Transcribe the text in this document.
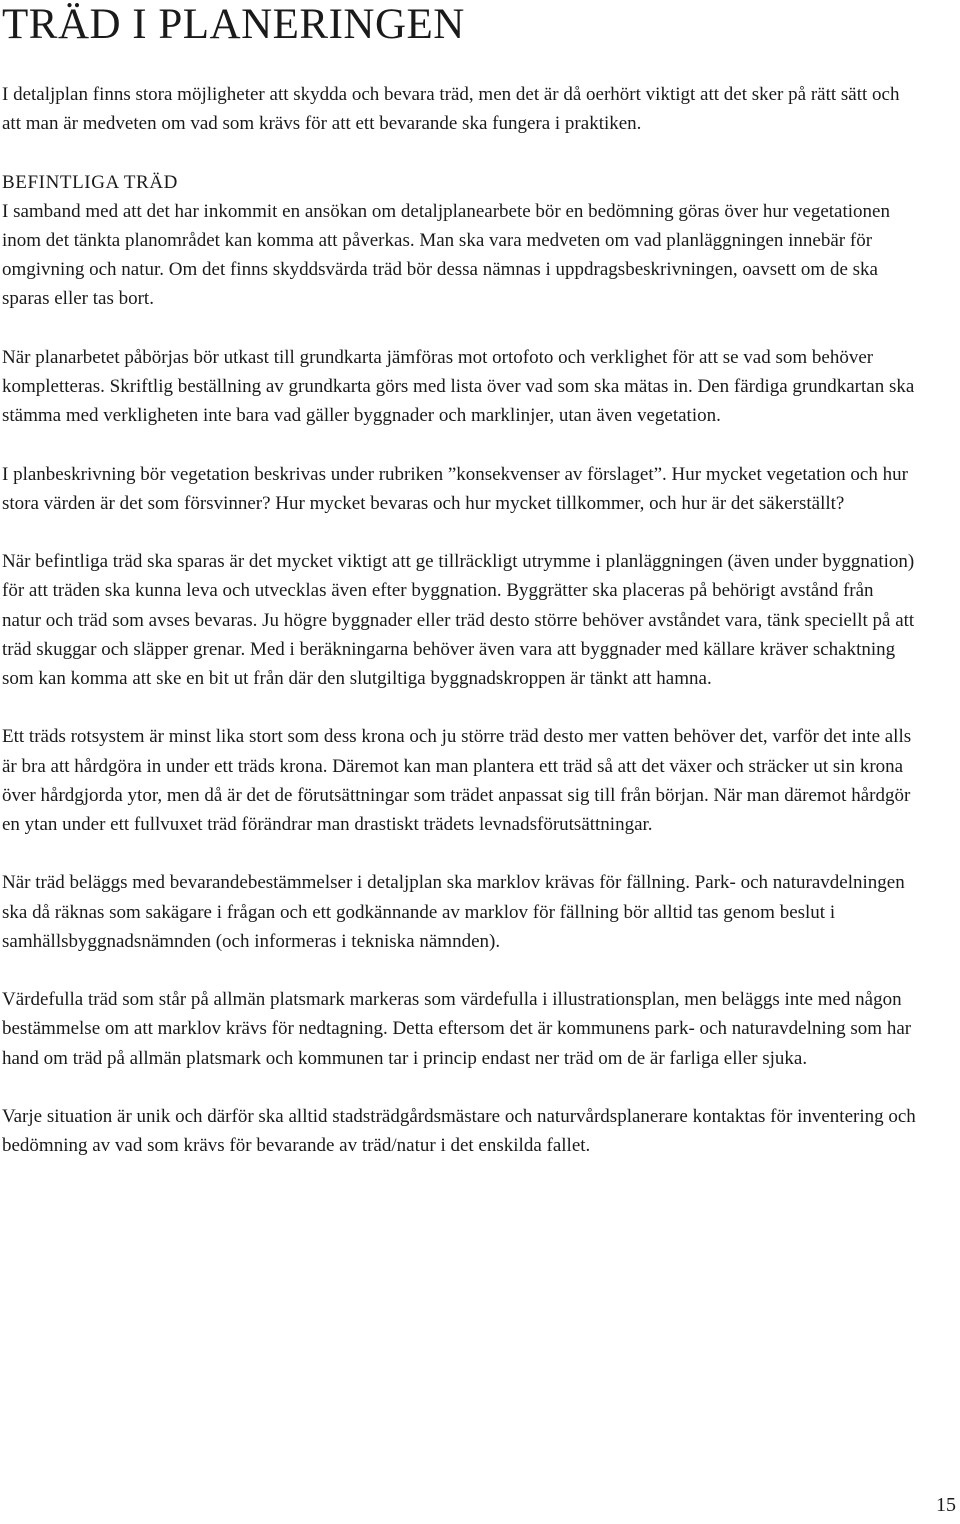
TRÄD I PLANERINGEN

I detaljplan finns stora möjligheter att skydda och bevara träd, men det är då oerhört viktigt att det sker på rätt sätt och att man är medveten om vad som krävs för att ett bevarande ska fungera i praktiken.

BEFINTLIGA TRÄD
I samband med att det har inkommit en ansökan om detaljplanearbete bör en bedömning göras över hur vegetationen inom det tänkta planområdet kan komma att påverkas. Man ska vara medveten om vad planläggningen innebär för omgivning och natur. Om det finns skyddsvärda träd bör dessa nämnas i uppdragsbeskrivningen, oavsett om de ska sparas eller tas bort.

När planarbetet påbörjas bör utkast till grundkarta jämföras mot ortofoto och verklighet för att se vad som behöver kompletteras. Skriftlig beställning av grundkarta görs med lista över vad som ska mätas in. Den färdiga grundkartan ska stämma med verkligheten inte bara vad gäller byggnader och marklinjer, utan även vegetation.

I planbeskrivning bör vegetation beskrivas under rubriken ”konsekvenser av förslaget”. Hur mycket vegetation och hur stora värden är det som försvinner? Hur mycket bevaras och hur mycket tillkommer, och hur är det säkerställt?

När befintliga träd ska sparas är det mycket viktigt att ge tillräckligt utrymme i planläggningen (även under byggnation) för att träden ska kunna leva och utvecklas även efter byggnation. Byggrätter ska placeras på behörigt avstånd från natur och träd som avses bevaras. Ju högre byggnader eller träd desto större behöver avståndet vara, tänk speciellt på att träd skuggar och släpper grenar. Med i beräkningarna behöver även vara att byggnader med källare kräver schaktning som kan komma att ske en bit ut från där den slutgiltiga byggnadskroppen är tänkt att hamna.

Ett träds rotsystem är minst lika stort som dess krona och ju större träd desto mer vatten behöver det, varför det inte alls är bra att hårdgöra in under ett träds krona. Däremot kan man plantera ett träd så att det växer och sträcker ut sin krona över hårdgjorda ytor, men då är det de förutsättningar som trädet anpassat sig till från början. När man däremot hårdgör en ytan under ett fullvuxet träd förändrar man drastiskt trädets levnadsförutsättningar.

När träd beläggs med bevarandebestämmelser i detaljplan ska marklov krävas för fällning. Park- och naturavdelningen ska då räknas som sakägare i frågan och ett godkännande av marklov för fällning bör alltid tas genom beslut i samhällsbyggnadsnämnden (och informeras i tekniska nämnden).

Värdefulla träd som står på allmän platsmark markeras som värdefulla i illustrationsplan, men beläggs inte med någon bestämmelse om att marklov krävs för nedtagning. Detta eftersom det är kommunens park- och naturavdelning som har hand om träd på allmän platsmark och kommunen tar i princip endast ner träd om de är farliga eller sjuka.

Varje situation är unik och därför ska alltid stadsträdgårdsmästare och naturvårdsplanerare kontaktas för inventering och bedömning av vad som krävs för bevarande av träd/natur i det enskilda fallet.

15
